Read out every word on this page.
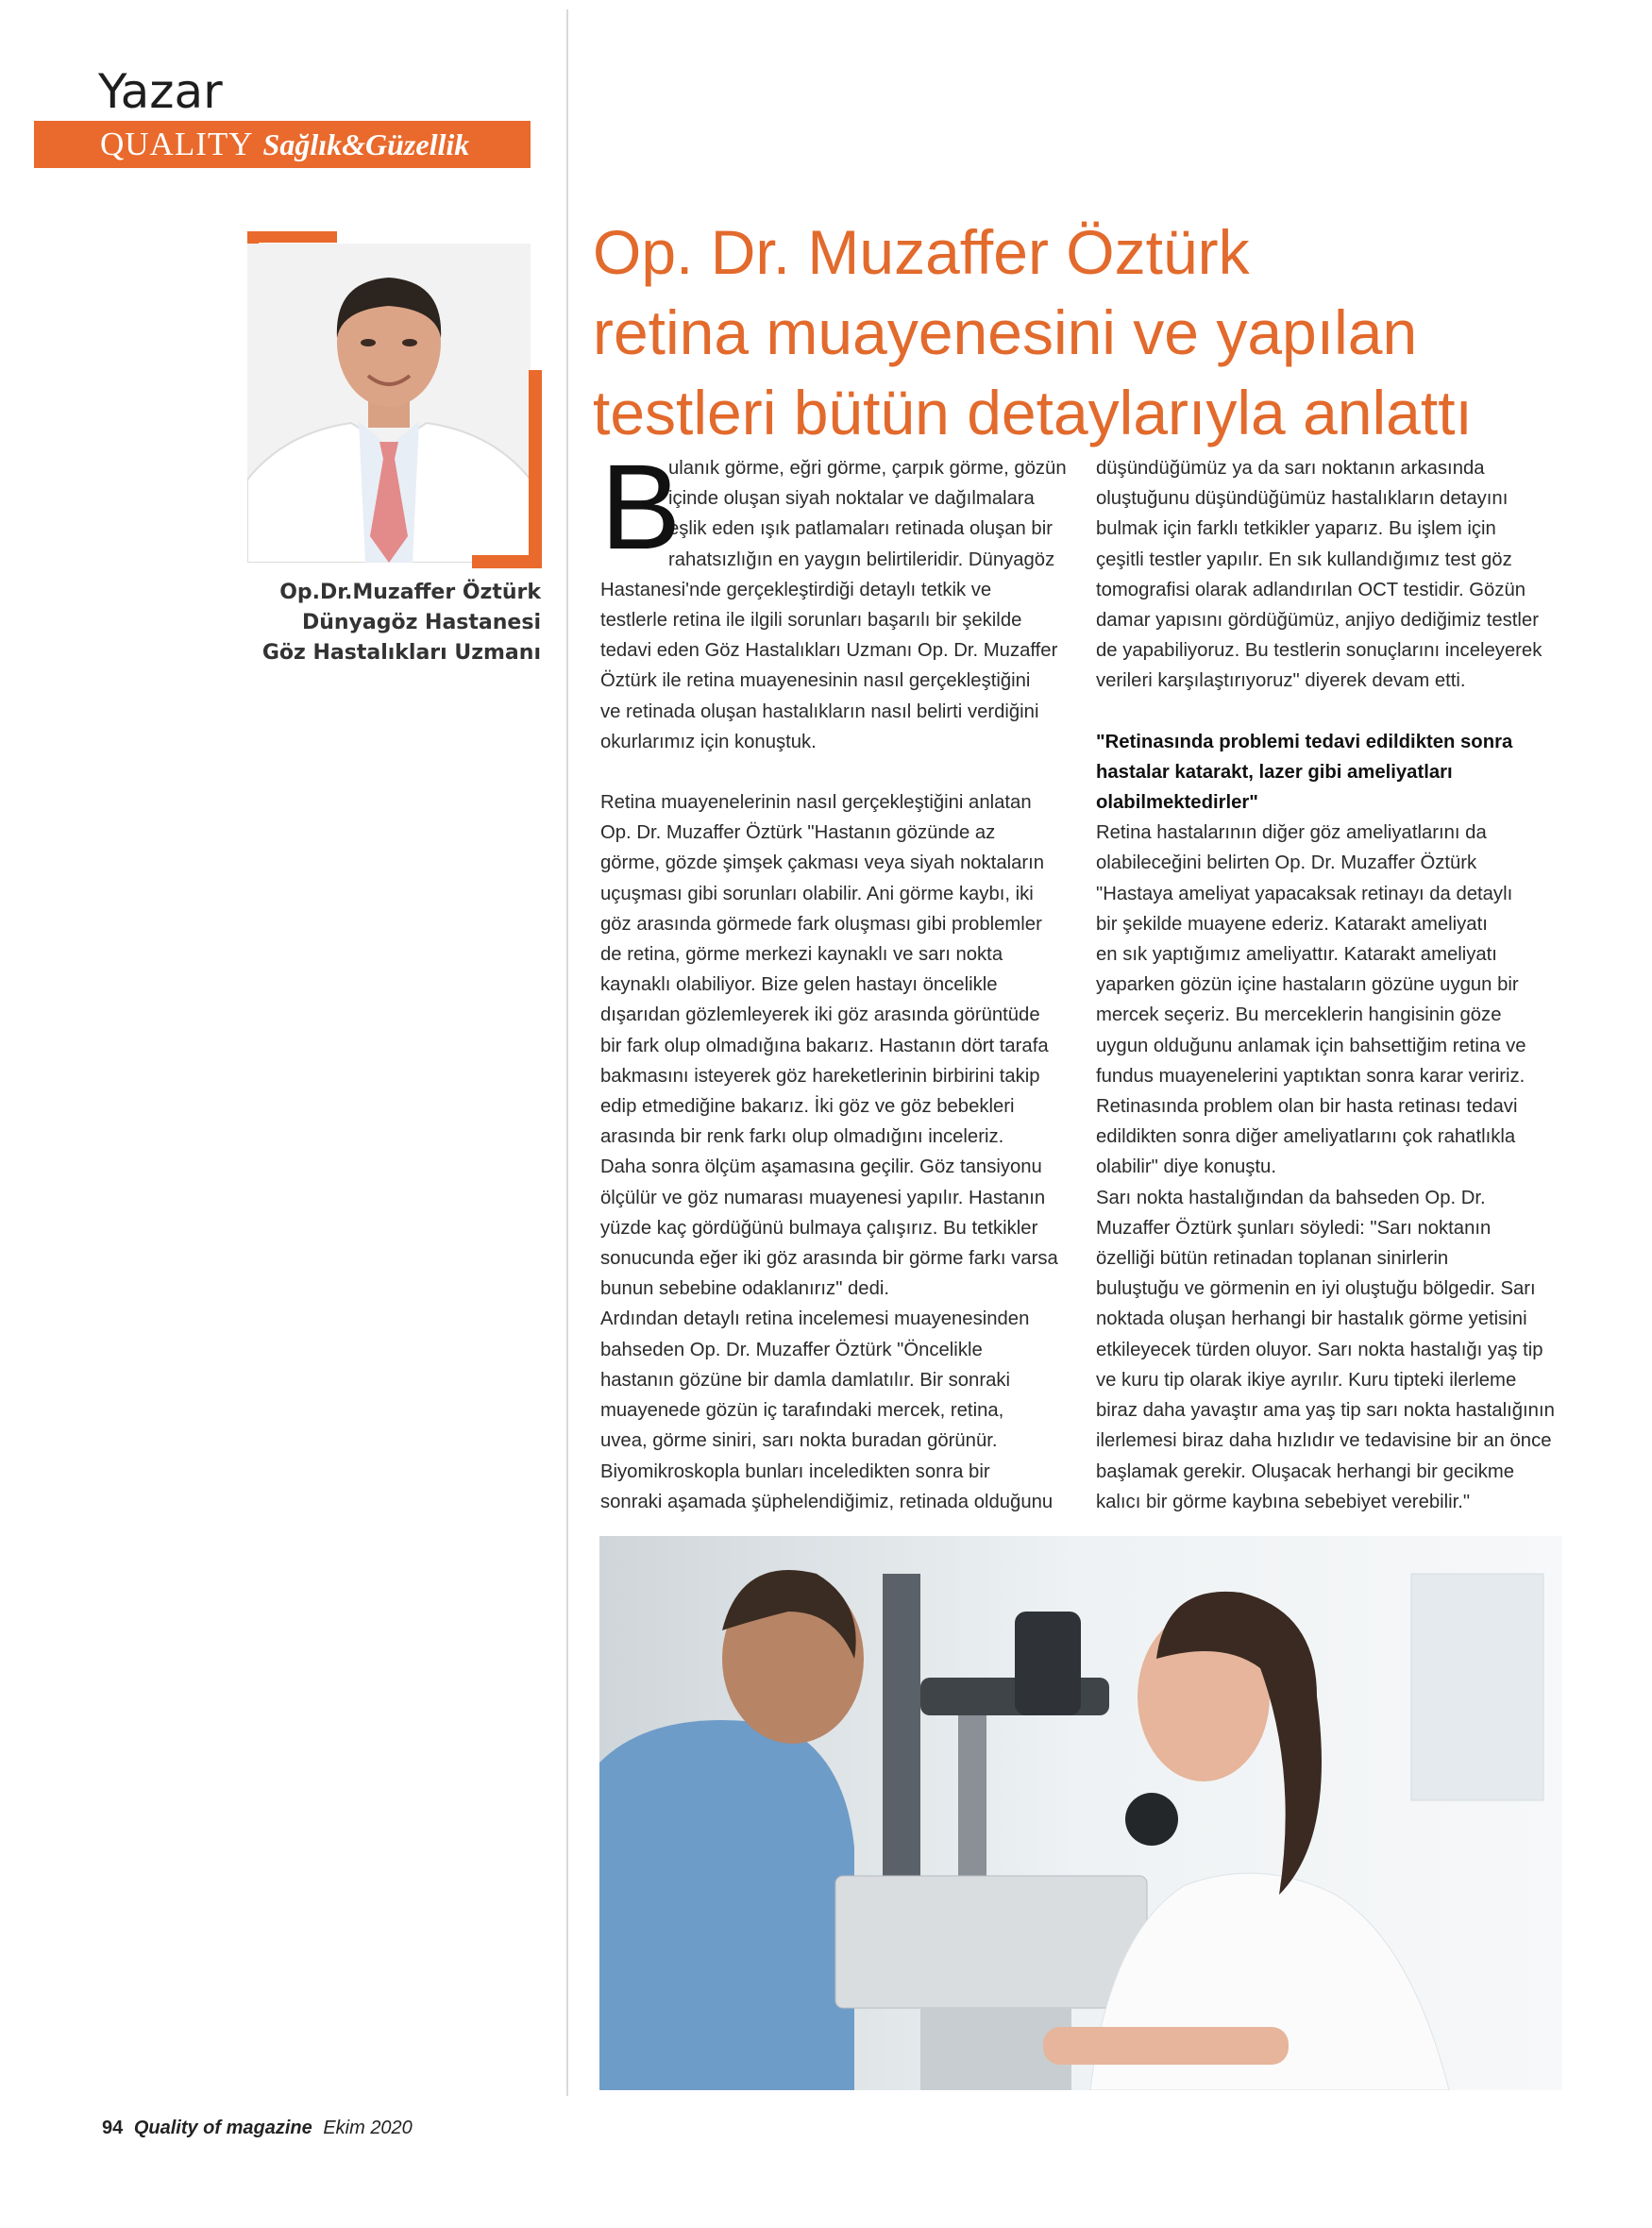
Yazar
QUALITY Sağlık&Güzellik
Op.Dr.Muzaffer Öztürk
Dünyagöz Hastanesi
Göz Hastalıkları Uzmanı
Op. Dr. Muzaffer Öztürk
retina muayenesini ve yapılan
testleri bütün detaylarıyla anlattı
B
ulanık görme, eğri görme, çarpık görme, gözün
içinde oluşan siyah noktalar ve dağılmalara
eşlik eden ışık patlamaları retinada oluşan bir
rahatsızlığın en yaygın belirtileridir. Dünyagöz
Hastanesi'nde gerçekleştirdiği detaylı tetkik ve
testlerle retina ile ilgili sorunları başarılı bir şekilde
tedavi eden Göz Hastalıkları Uzmanı Op. Dr. Muzaffer
Öztürk ile retina muayenesinin nasıl gerçekleştiğini
ve retinada oluşan hastalıkların nasıl belirti verdiğini
okurlarımız için konuştuk.
Retina muayenelerinin nasıl gerçekleştiğini anlatan
Op. Dr. Muzaffer Öztürk "Hastanın gözünde az
görme, gözde şimşek çakması veya siyah noktaların
uçuşması gibi sorunları olabilir. Ani görme kaybı, iki
göz arasında görmede fark oluşması gibi problemler
de retina, görme merkezi kaynaklı ve sarı nokta
kaynaklı olabiliyor. Bize gelen hastayı öncelikle
dışarıdan gözlemleyerek iki göz arasında görüntüde
bir fark olup olmadığına bakarız. Hastanın dört tarafa
bakmasını isteyerek göz hareketlerinin birbirini takip
edip etmediğine bakarız. İki göz ve göz bebekleri
arasında bir renk farkı olup olmadığını inceleriz.
Daha sonra ölçüm aşamasına geçilir. Göz tansiyonu
ölçülür ve göz numarası muayenesi yapılır. Hastanın
yüzde kaç gördüğünü bulmaya çalışırız. Bu tetkikler
sonucunda eğer iki göz arasında bir görme farkı varsa
bunun sebebine odaklanırız" dedi.
Ardından detaylı retina incelemesi muayenesinden
bahseden Op. Dr. Muzaffer Öztürk "Öncelikle
hastanın gözüne bir damla damlatılır. Bir sonraki
muayenede gözün iç tarafındaki mercek, retina,
uvea, görme siniri, sarı nokta buradan görünür.
Biyomikroskopla bunları inceledikten sonra bir
sonraki aşamada şüphelendiğimiz, retinada olduğunu
düşündüğümüz ya da sarı noktanın arkasında
oluştuğunu düşündüğümüz hastalıkların detayını
bulmak için farklı tetkikler yaparız. Bu işlem için
çeşitli testler yapılır. En sık kullandığımız test göz
tomografisi olarak adlandırılan OCT testidir. Gözün
damar yapısını gördüğümüz, anjiyo dediğimiz testler
de yapabiliyoruz. Bu testlerin sonuçlarını inceleyerek
verileri karşılaştırıyoruz" diyerek devam etti.
"Retinasında problemi tedavi edildikten sonra
hastalar katarakt, lazer gibi ameliyatları
olabilmektedirler"
Retina hastalarının diğer göz ameliyatlarını da
olabileceğini belirten Op. Dr. Muzaffer Öztürk
"Hastaya ameliyat yapacaksak retinayı da detaylı
bir şekilde muayene ederiz. Katarakt ameliyatı
en sık yaptığımız ameliyattır. Katarakt ameliyatı
yaparken gözün içine hastaların gözüne uygun bir
mercek seçeriz. Bu merceklerin hangisinin göze
uygun olduğunu anlamak için bahsettiğim retina ve
fundus muayenelerini yaptıktan sonra karar veririz.
Retinasında problem olan bir hasta retinası tedavi
edildikten sonra diğer ameliyatlarını çok rahatlıkla
olabilir" diye konuştu.
Sarı nokta hastalığından da bahseden Op. Dr.
Muzaffer Öztürk şunları söyledi: "Sarı noktanın
özelliği bütün retinadan toplanan sinirlerin
buluştuğu ve görmenin en iyi oluştuğu bölgedir. Sarı
noktada oluşan herhangi bir hastalık görme yetisini
etkileyecek türden oluyor. Sarı nokta hastalığı yaş tip
ve kuru tip olarak ikiye ayrılır. Kuru tipteki ilerleme
biraz daha yavaştır ama yaş tip sarı nokta hastalığının
ilerlemesi biraz daha hızlıdır ve tedavisine bir an önce
başlamak gerekir. Oluşacak herhangi bir gecikme
kalıcı bir görme kaybına sebebiyet verebilir."
94 Quality of magazine Ekim 2020
